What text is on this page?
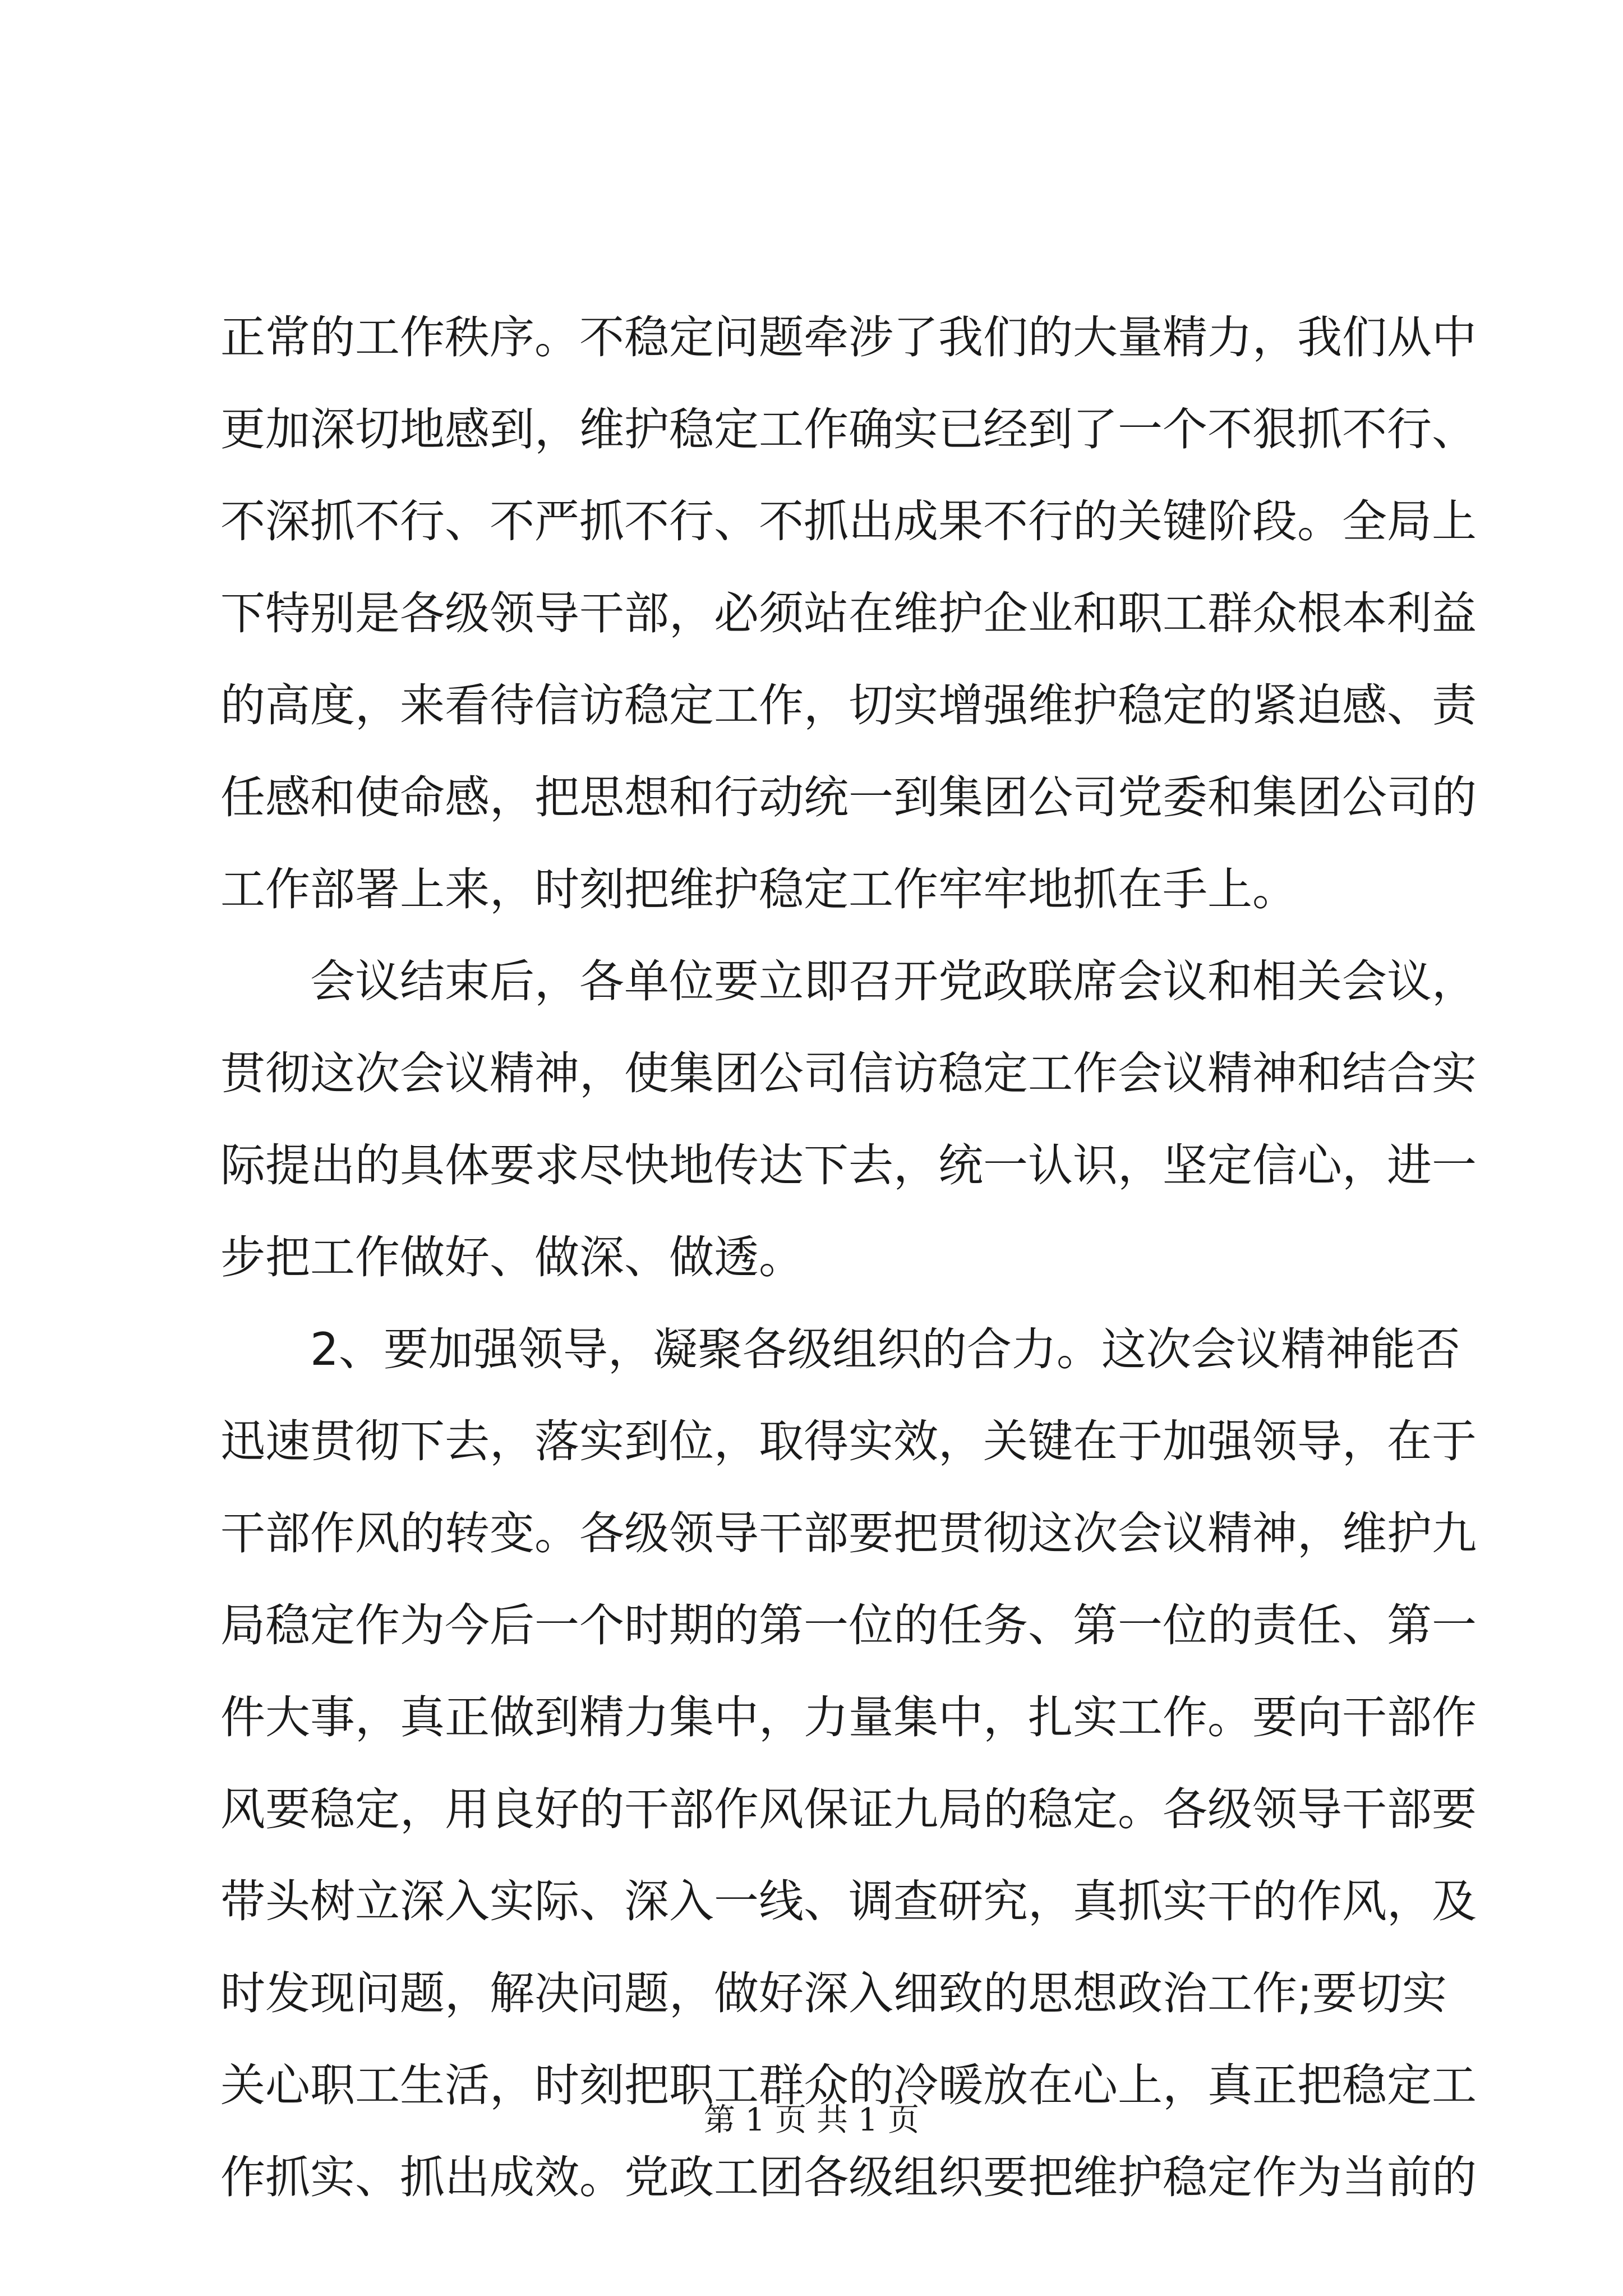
正常的工作秩序。不稳定问题牵涉了我们的大量精力，我们从中
更加深切地感到，维护稳定工作确实已经到了一个不狠抓不行、
不深抓不行、不严抓不行、不抓出成果不行的关键阶段。全局上
下特别是各级领导干部，必须站在维护企业和职工群众根本利益
的高度，来看待信访稳定工作，切实增强维护稳定的紧迫感、责
任感和使命感，把思想和行动统一到集团公司党委和集团公司的
工作部署上来，时刻把维护稳定工作牢牢地抓在手上。
会议结束后，各单位要立即召开党政联席会议和相关会议，
贯彻这次会议精神，使集团公司信访稳定工作会议精神和结合实
际提出的具体要求尽快地传达下去，统一认识，坚定信心，进一
步把工作做好、做深、做透。
2、要加强领导，凝聚各级组织的合力。这次会议精神能否
迅速贯彻下去，落实到位，取得实效，关键在于加强领导，在于
干部作风的转变。各级领导干部要把贯彻这次会议精神，维护九
局稳定作为今后一个时期的第一位的任务、第一位的责任、第一
件大事，真正做到精力集中，力量集中，扎实工作。要向干部作
风要稳定，用良好的干部作风保证九局的稳定。各级领导干部要
带头树立深入实际、深入一线、调查研究，真抓实干的作风，及
时发现问题，解决问题，做好深入细致的思想政治工作;要切实
关心职工生活，时刻把职工群众的冷暖放在心上，真正把稳定工
作抓实、抓出成效。党政工团各级组织要把维护稳定作为当前的
第 1 页 共 1 页
